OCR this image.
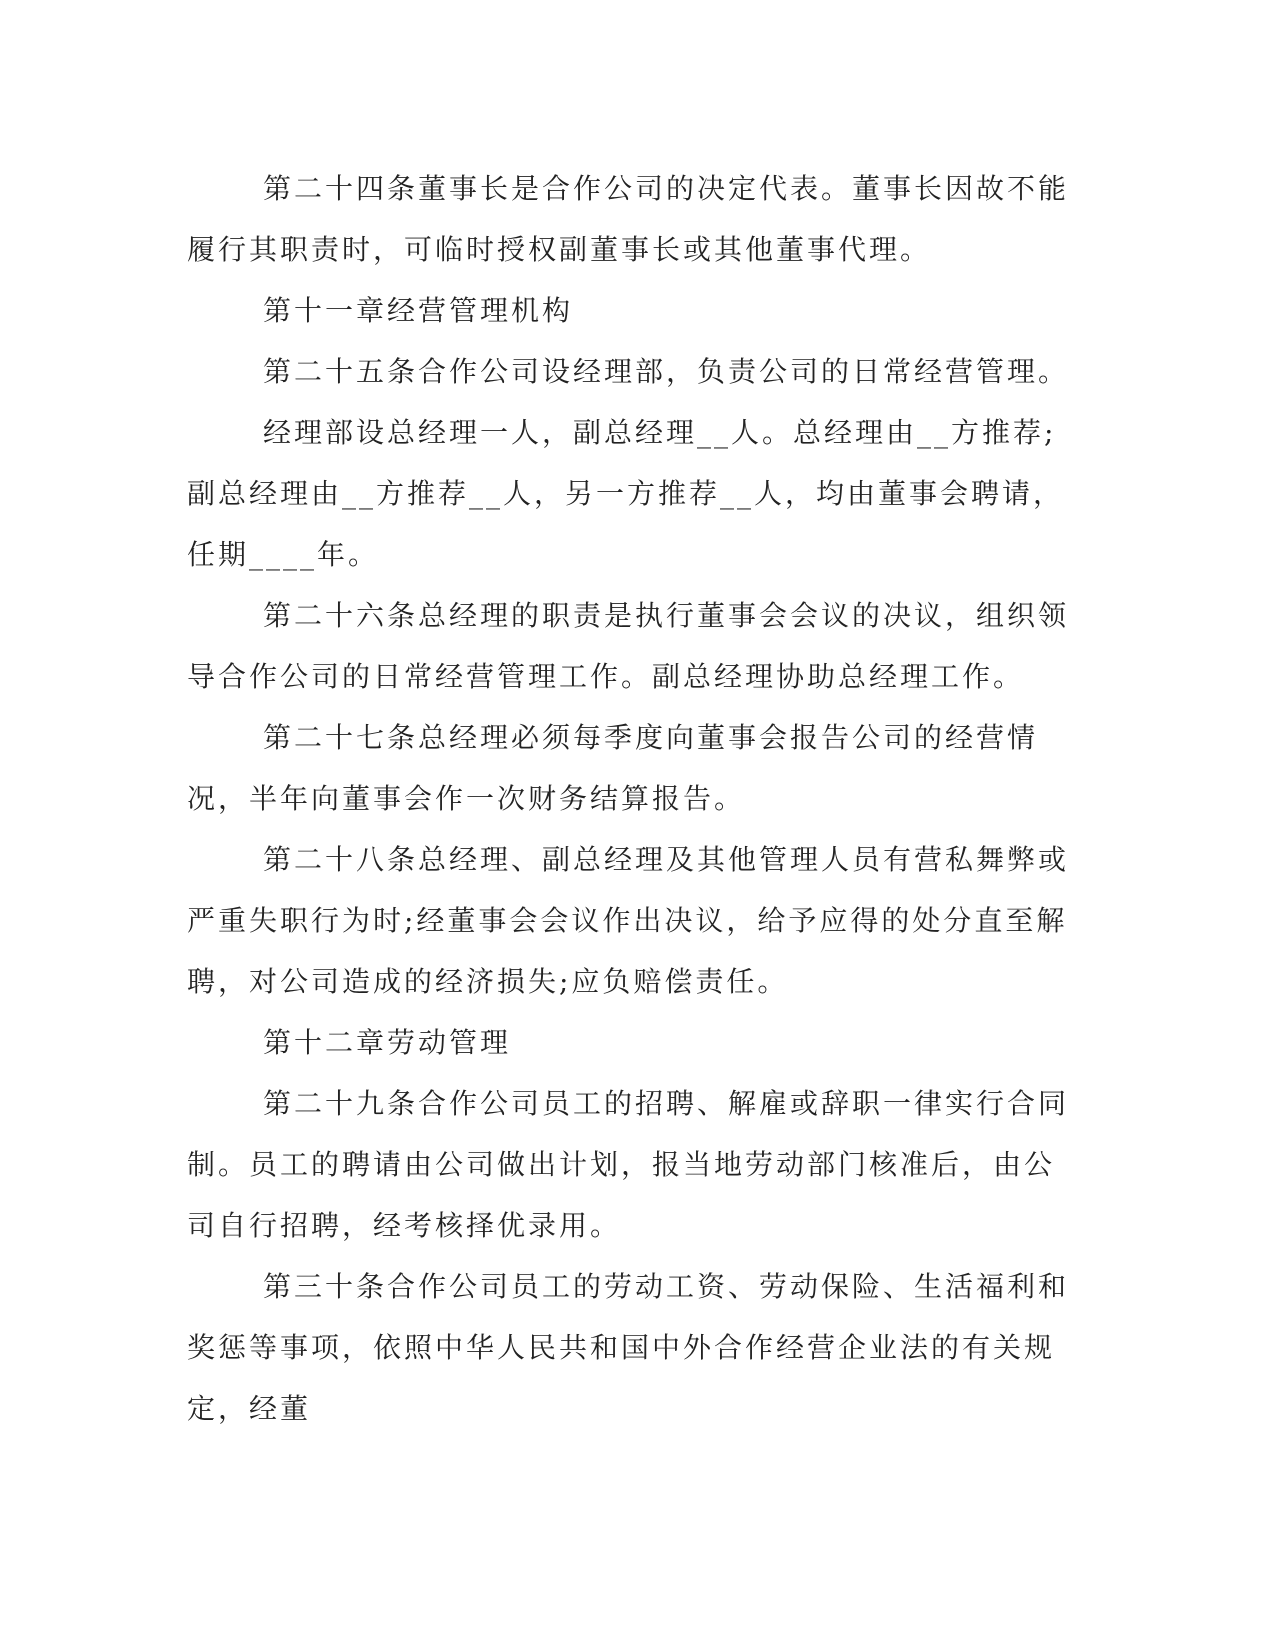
第二十四条董事长是合作公司的决定代表。董事长因故不能履行其职责时，可临时授权副董事长或其他董事代理。

第十一章经营管理机构

第二十五条合作公司设经理部，负责公司的日常经营管理。

经理部设总经理一人，副总经理__人。总经理由__方推荐;副总经理由__方推荐__人，另一方推荐__人，均由董事会聘请，任期____年。

第二十六条总经理的职责是执行董事会会议的决议，组织领导合作公司的日常经营管理工作。副总经理协助总经理工作。

第二十七条总经理必须每季度向董事会报告公司的经营情况，半年向董事会作一次财务结算报告。

第二十八条总经理、副总经理及其他管理人员有营私舞弊或严重失职行为时;经董事会会议作出决议，给予应得的处分直至解聘，对公司造成的经济损失;应负赔偿责任。

第十二章劳动管理

第二十九条合作公司员工的招聘、解雇或辞职一律实行合同制。员工的聘请由公司做出计划，报当地劳动部门核准后，由公司自行招聘，经考核择优录用。

第三十条合作公司员工的劳动工资、劳动保险、生活福利和奖惩等事项，依照中华人民共和国中外合作经营企业法的有关规定，经董
